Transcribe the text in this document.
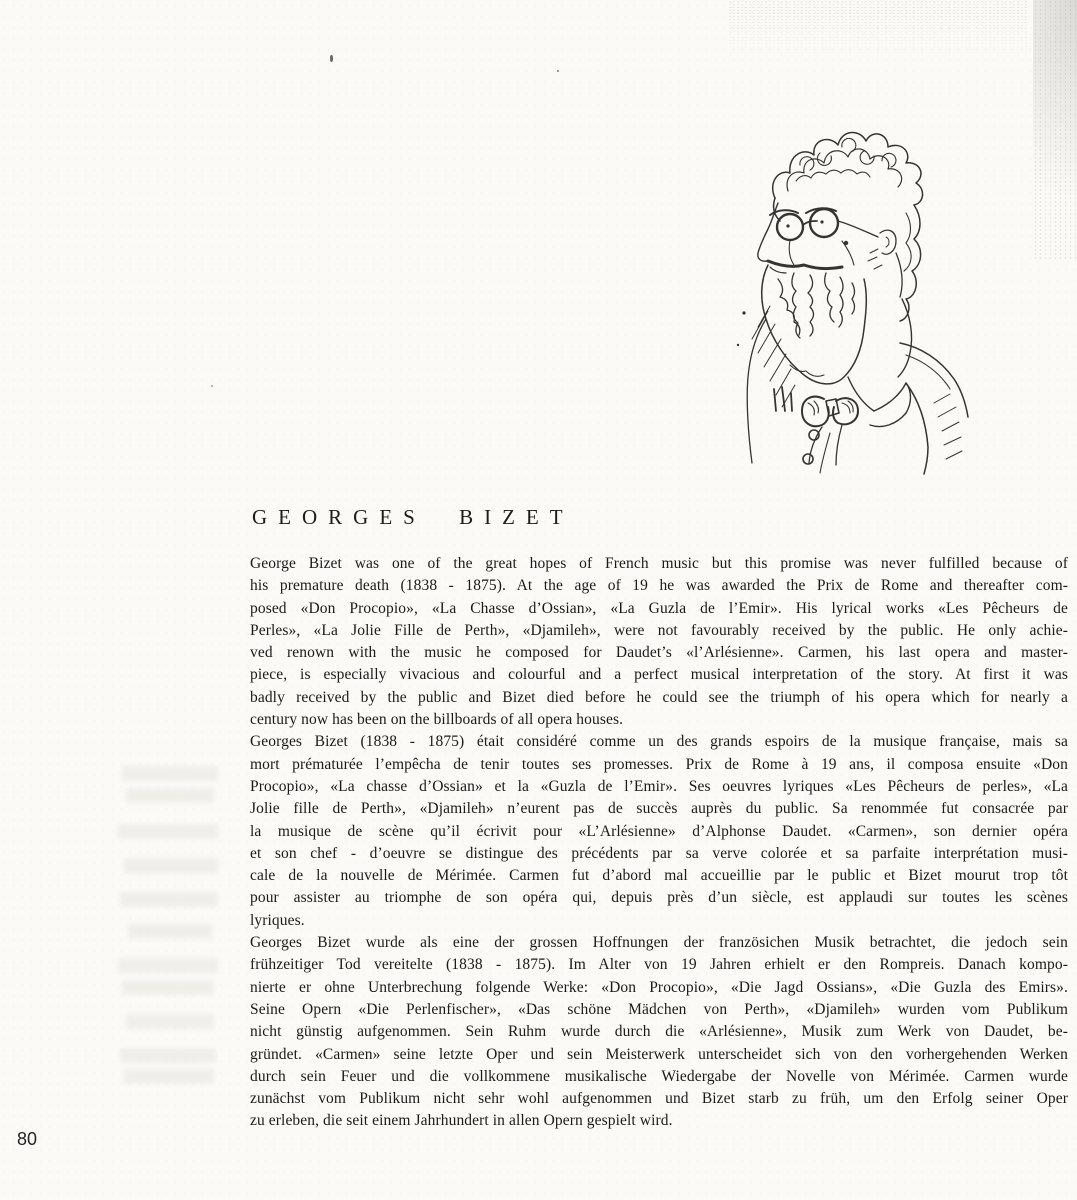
GEORGES BIZET
George Bizet was one of the great hopes of French music but this promise was never fulfilled because of
his premature death (1838 - 1875). At the age of 19 he was awarded the Prix de Rome and thereafter com-
posed «Don Procopio», «La Chasse d’Ossian», «La Guzla de l’Emir». His lyrical works «Les Pêcheurs de
Perles», «La Jolie Fille de Perth», «Djamileh», were not favourably received by the public. He only achie-
ved renown with the music he composed for Daudet’s «l’Arlésienne». Carmen, his last opera and master-
piece, is especially vivacious and colourful and a perfect musical interpretation of the story. At first it was
badly received by the public and Bizet died before he could see the triumph of his opera which for nearly a
century now has been on the billboards of all opera houses.
Georges Bizet (1838 - 1875) était considéré comme un des grands espoirs de la musique française, mais sa
mort prématurée l’empêcha de tenir toutes ses promesses. Prix de Rome à 19 ans, il composa ensuite «Don
Procopio», «La chasse d’Ossian» et la «Guzla de l’Emir». Ses oeuvres lyriques «Les Pêcheurs de perles», «La
Jolie fille de Perth», «Djamileh» n’eurent pas de succès auprès du public. Sa renommée fut consacrée par
la musique de scène qu’il écrivit pour «L’Arlésienne» d’Alphonse Daudet. «Carmen», son dernier opéra
et son chef - d’oeuvre se distingue des précédents par sa verve colorée et sa parfaite interprétation musi-
cale de la nouvelle de Mérimée. Carmen fut d’abord mal accueillie par le public et Bizet mourut trop tôt
pour assister au triomphe de son opéra qui, depuis près d’un siècle, est applaudi sur toutes les scènes
lyriques.
Georges Bizet wurde als eine der grossen Hoffnungen der französichen Musik betrachtet, die jedoch sein
frühzeitiger Tod vereitelte (1838 - 1875). Im Alter von 19 Jahren erhielt er den Rompreis. Danach kompo-
nierte er ohne Unterbrechung folgende Werke: «Don Procopio», «Die Jagd Ossians», «Die Guzla des Emirs».
Seine Opern «Die Perlenfischer», «Das schöne Mädchen von Perth», «Djamileh» wurden vom Publikum
nicht günstig aufgenommen. Sein Ruhm wurde durch die «Arlésienne», Musik zum Werk von Daudet, be-
gründet. «Carmen» seine letzte Oper und sein Meisterwerk unterscheidet sich von den vorhergehenden Werken
durch sein Feuer und die vollkommene musikalische Wiedergabe der Novelle von Mérimée. Carmen wurde
zunächst vom Publikum nicht sehr wohl aufgenommen und Bizet starb zu früh, um den Erfolg seiner Oper
zu erleben, die seit einem Jahrhundert in allen Opern gespielt wird.
80
